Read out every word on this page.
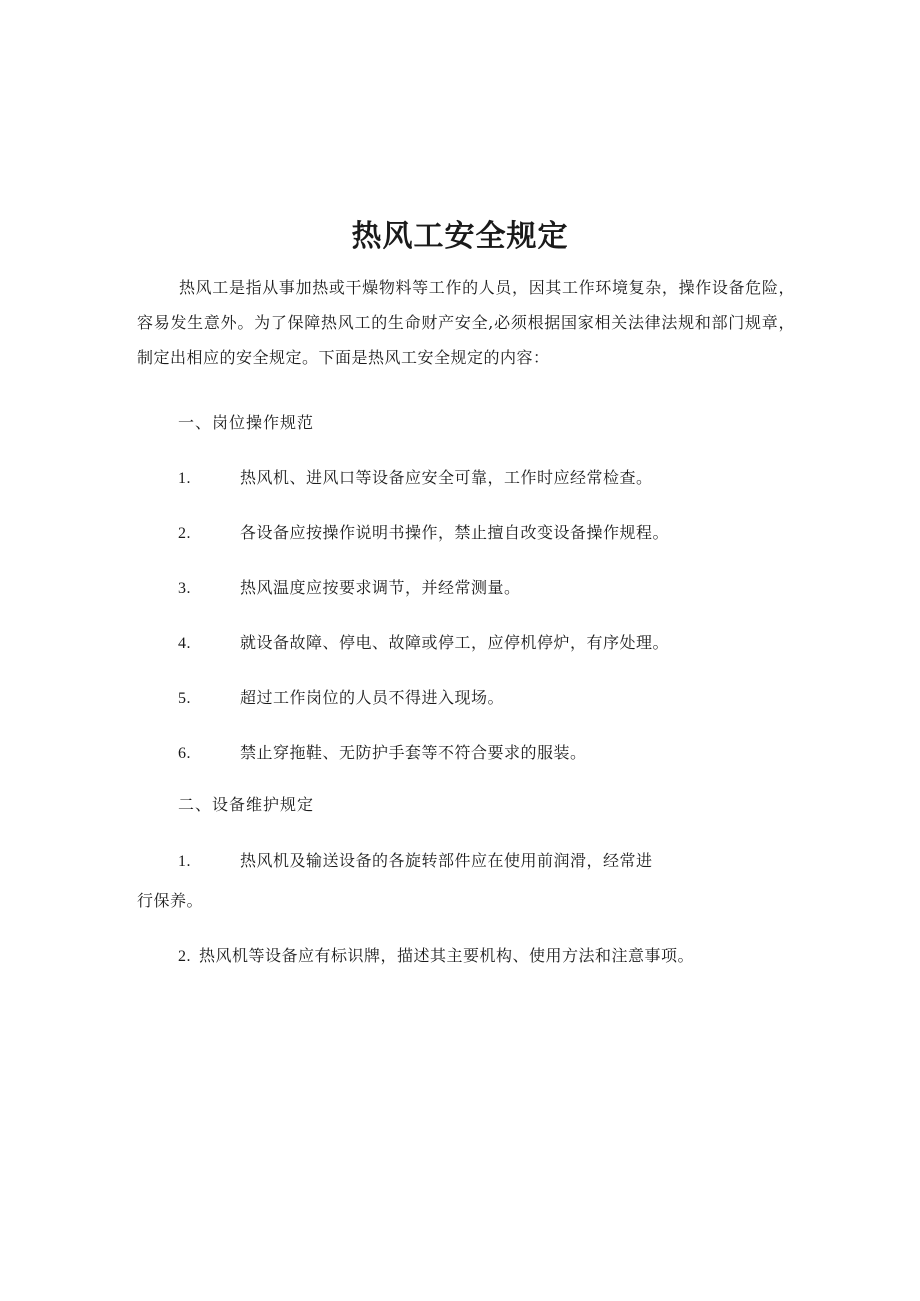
热风工安全规定

热风工是指从事加热或干燥物料等工作的人员，因其工作环境复杂，操作设备危险，容易发生意外。为了保障热风工的生命财产安全,必须根据国家相关法律法规和部门规章，制定出相应的安全规定。下面是热风工安全规定的内容：

一、岗位操作规范

1.	热风机、进风口等设备应安全可靠，工作时应经常检查。
2.	各设备应按操作说明书操作，禁止擅自改变设备操作规程。
3.	热风温度应按要求调节，并经常测量。
4.	就设备故障、停电、故障或停工，应停机停炉，有序处理。
5.	超过工作岗位的人员不得进入现场。
6.	禁止穿拖鞋、无防护手套等不符合要求的服装。

二、设备维护规定

1.	热风机及输送设备的各旋转部件应在使用前润滑，经常进
行保养。
2. 热风机等设备应有标识牌，描述其主要机构、使用方法和注意事项。
